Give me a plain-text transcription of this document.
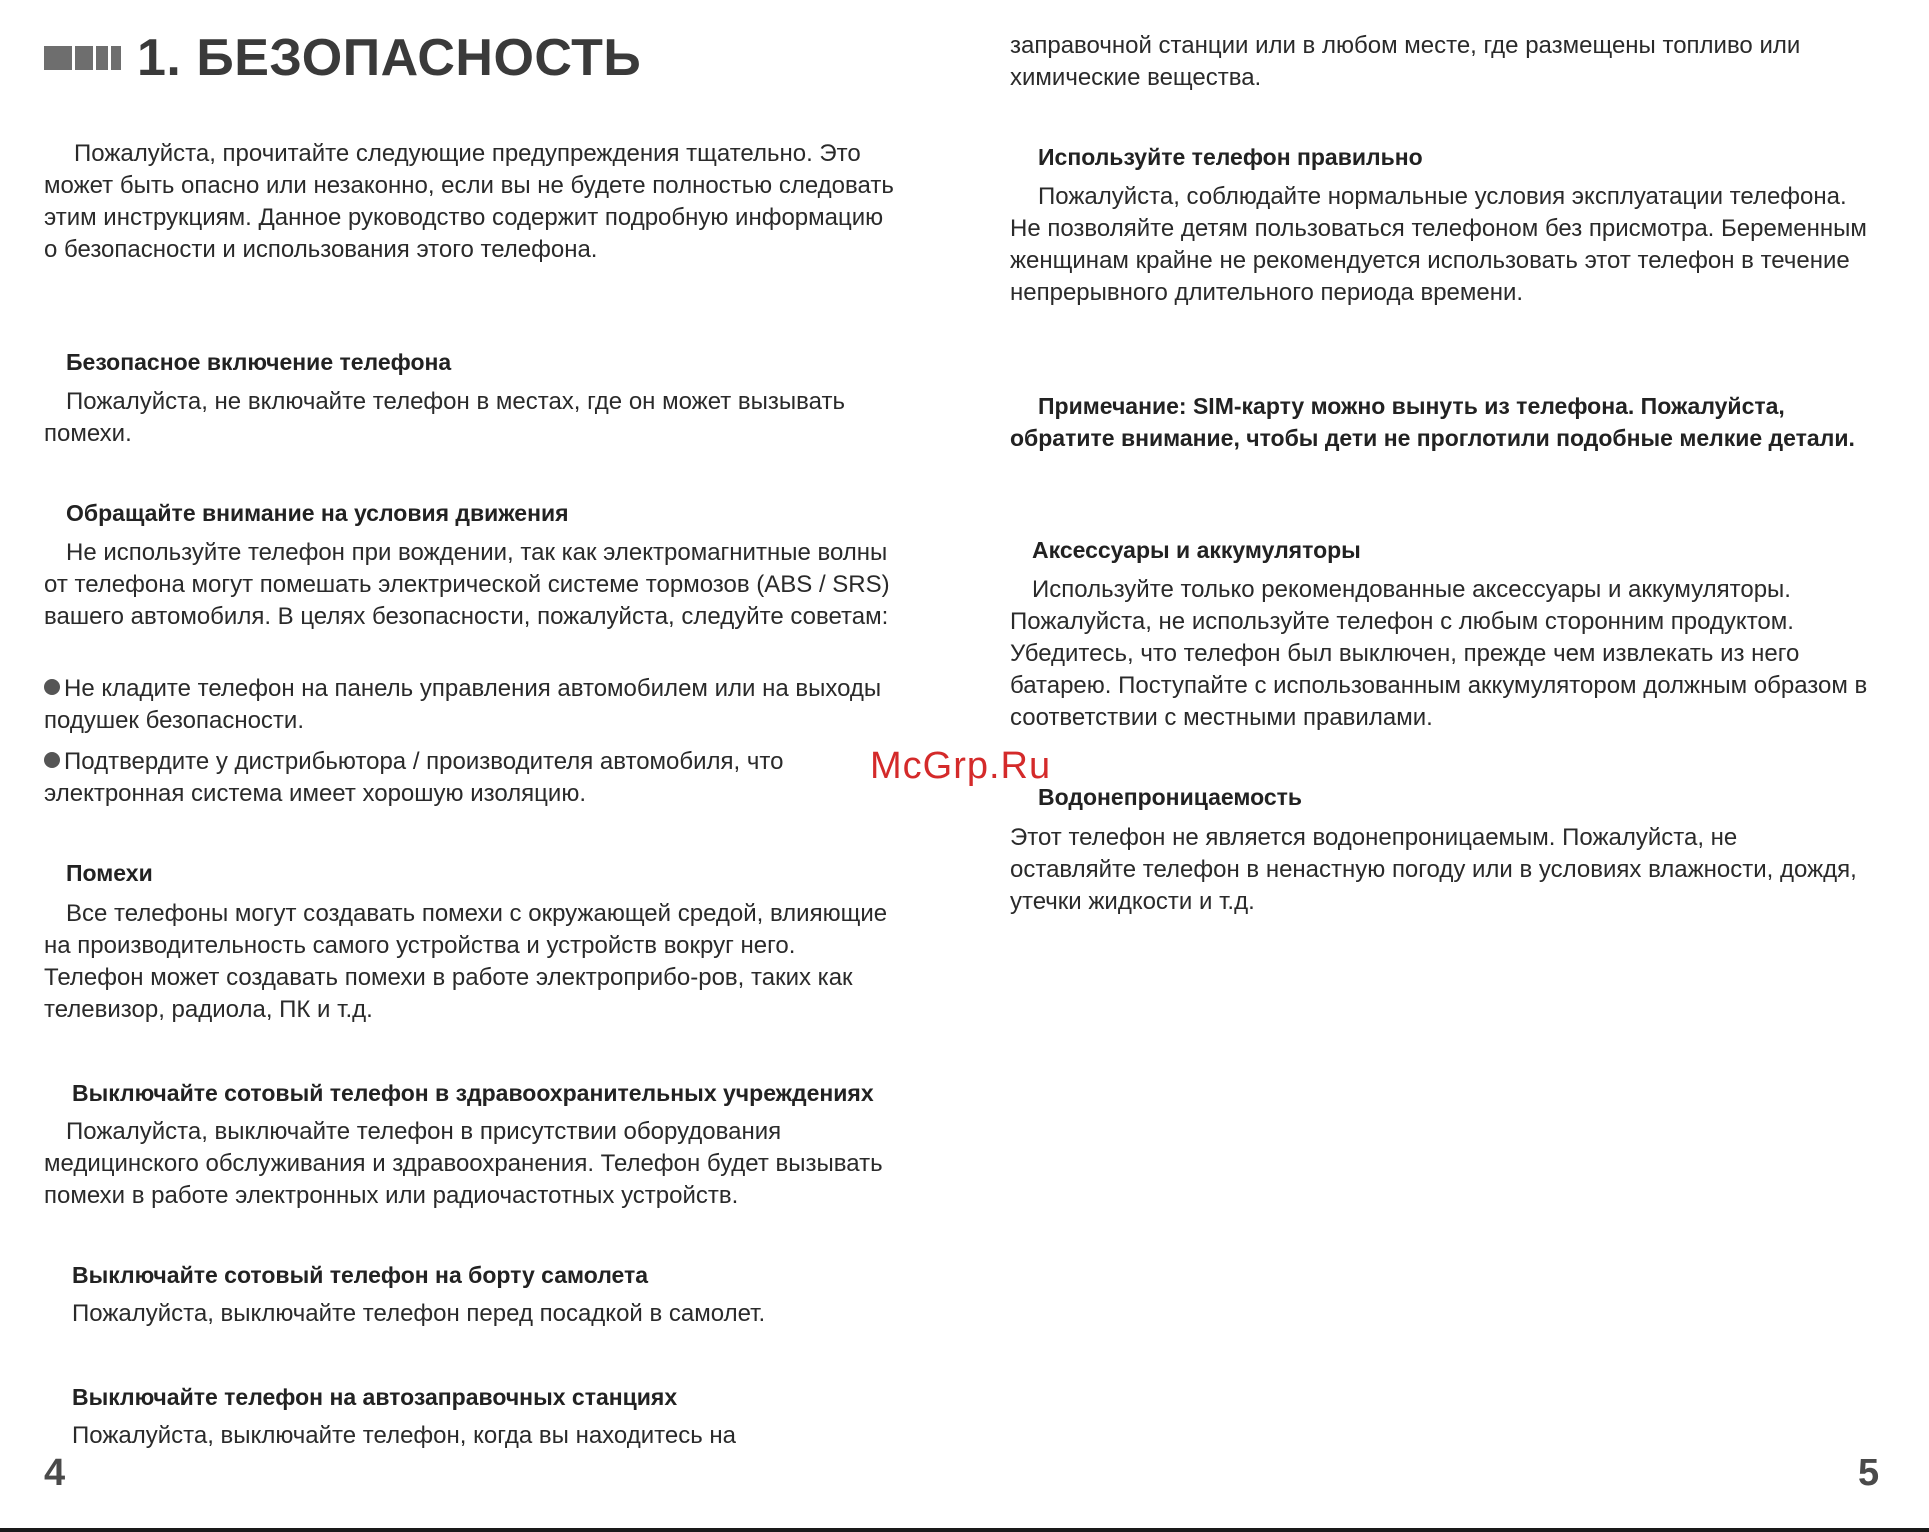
1. БЕЗОПАСНОСТЬ

Пожалуйста, прочитайте следующие предупреждения тщательно. Это может быть опасно или незаконно, если вы не будете полностью следовать этим инструкциям. Данное руководство содержит подробную информацию о безопасности и использования этого телефона.

Безопасное включение телефона

Пожалуйста, не включайте телефон в местах, где он может вызывать помехи.

Обращайте внимание на условия движения

Не используйте телефон при вождении, так как электромагнитные волны от телефона могут помешать электрической системе тормозов (ABS / SRS) вашего автомобиля. В целях безопасности, пожалуйста, следуйте советам:

Не кладите телефон на панель управления автомобилем или на выходы подушек безопасности.

Подтвердите у дистрибьютора / производителя автомобиля, что электронная система имеет хорошую изоляцию.

Помехи

Все телефоны могут создавать помехи с окружающей средой, влияющие на производительность самого устройства и устройств вокруг него. Телефон может создавать помехи в работе электроприбо-ров, таких как телевизор, радиола, ПК и т.д.

Выключайте сотовый телефон в здравоохранительных учреждениях

Пожалуйста, выключайте телефон в присутствии оборудования медицинского обслуживания и здравоохранения. Телефон будет вызывать помехи в работе электронных или радиочастотных устройств.

Выключайте сотовый телефон на борту самолета

Пожалуйста, выключайте телефон перед посадкой в самолет.

Выключайте телефон на автозаправочных станциях

Пожалуйста, выключайте телефон, когда вы находитесь на

4

заправочной станции или в любом месте, где размещены топливо или химические вещества.

Используйте телефон правильно

Пожалуйста, соблюдайте нормальные условия эксплуатации телефона. Не позволяйте детям пользоваться телефоном без присмотра. Беременным женщинам крайне не рекомендуется использовать этот телефон в течение непрерывного длительного периода времени.

Примечание: SIM-карту можно вынуть из телефона. Пожалуйста, обратите внимание, чтобы дети не проглотили подобные мелкие детали.

Аксессуары и аккумуляторы

Используйте только рекомендованные аксессуары и аккумуляторы. Пожалуйста, не используйте телефон с любым сторонним продуктом. Убедитесь, что телефон был выключен, прежде чем извлекать из него батарею. Поступайте с использованным аккумулятором должным образом в соответствии с местными правилами.

Водонепроницаемость

Этот телефон не является водонепроницаемым. Пожалуйста, не оставляйте телефон в ненастную погоду или в условиях влажности, дождя, утечки жидкости и т.д.

5
McGrp.Ru
